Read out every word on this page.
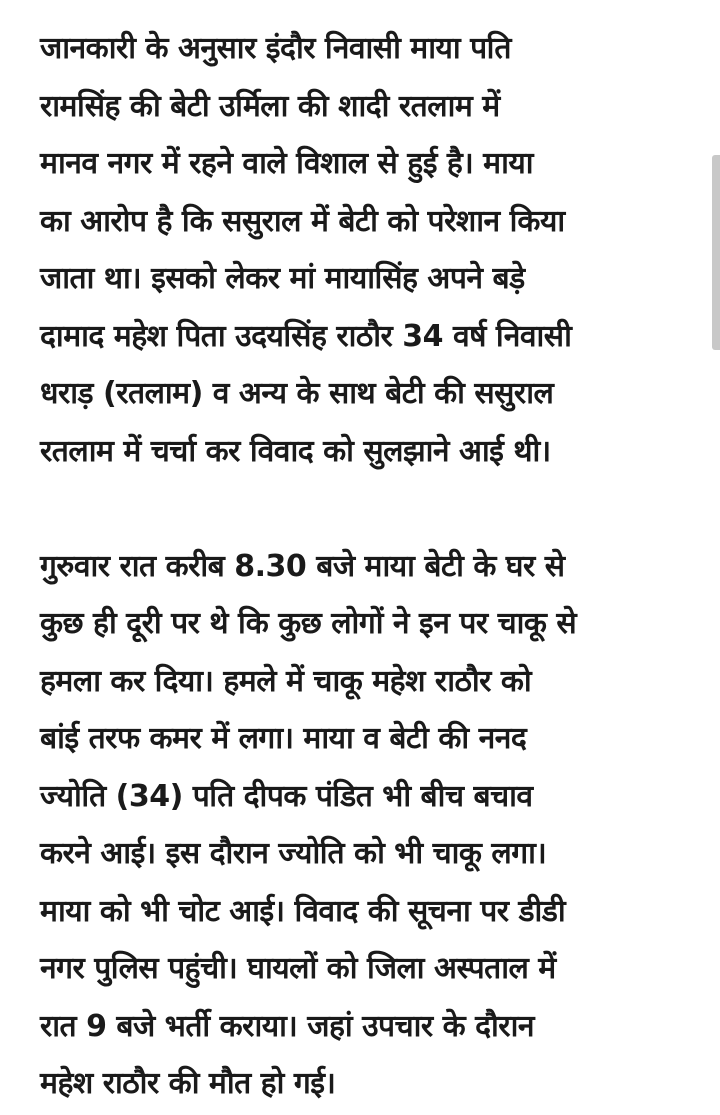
जानकारी के अनुसार इंदौर निवासी माया पति
रामसिंह की बेटी उर्मिला की शादी रतलाम में
मानव नगर में रहने वाले विशाल से हुई है। माया
का आरोप है कि ससुराल में बेटी को परेशान किया
जाता था। इसको लेकर मां मायासिंह अपने बड़े
दामाद महेश पिता उदयसिंह राठौर 34 वर्ष निवासी
धराड़ (रतलाम) व अन्य के साथ बेटी की ससुराल
रतलाम में चर्चा कर विवाद को सुलझाने आई थी।

गुरुवार रात करीब 8.30 बजे माया बेटी के घर से
कुछ ही दूरी पर थे कि कुछ लोगों ने इन पर चाकू से
हमला कर दिया। हमले में चाकू महेश राठौर को
बांई तरफ कमर में लगा। माया व बेटी की ननद
ज्योति (34) पति दीपक पंडित भी बीच बचाव
करने आई। इस दौरान ज्योति को भी चाकू लगा।
माया को भी चोट आई। विवाद की सूचना पर डीडी
नगर पुलिस पहुंची। घायलों को जिला अस्पताल में
रात 9 बजे भर्ती कराया। जहां उपचार के दौरान
महेश राठौर की मौत हो गई।
